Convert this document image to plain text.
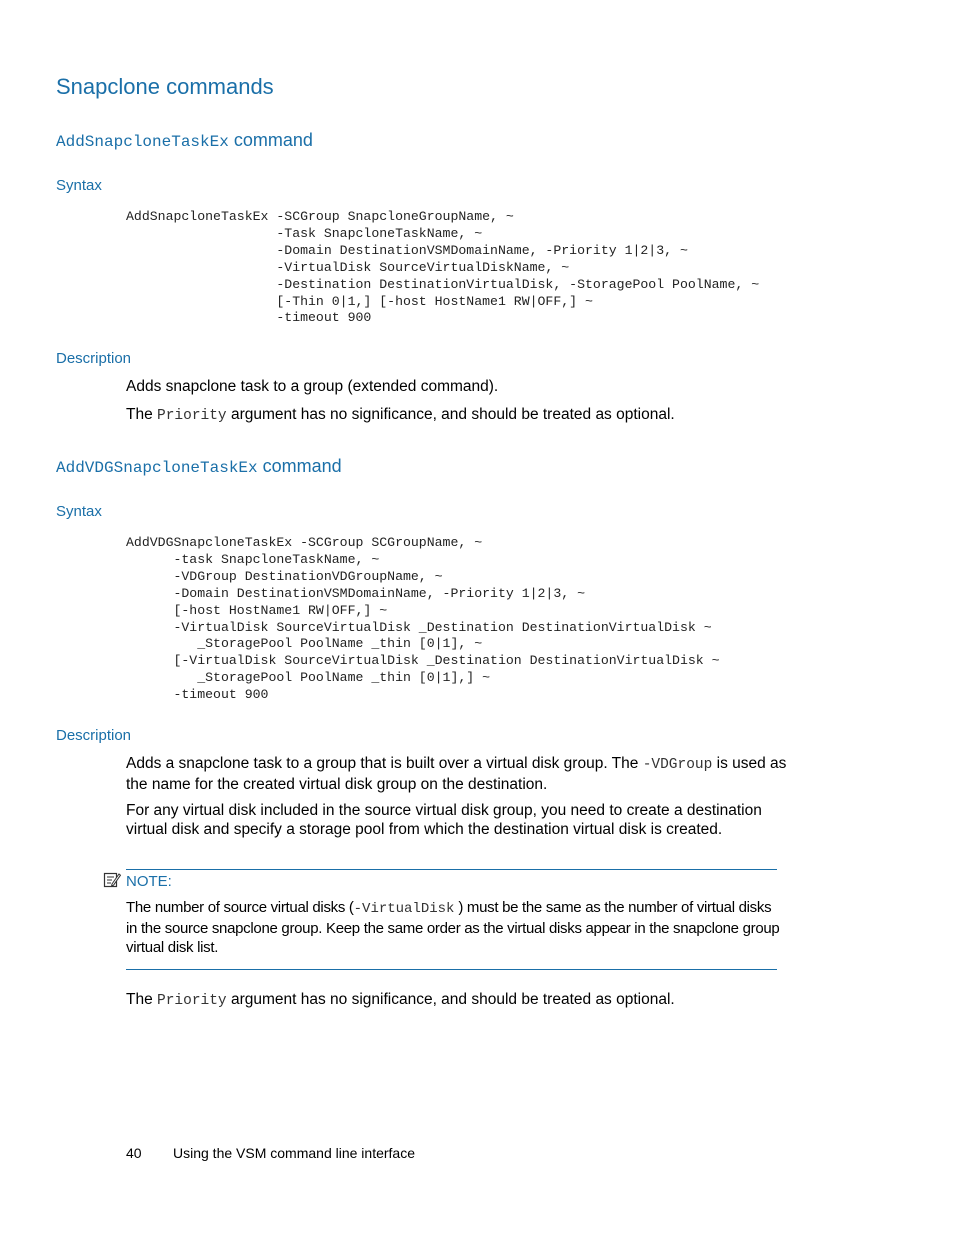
Snapclone commands
AddSnapcloneTaskEx command
Syntax
AddSnapcloneTaskEx -SCGroup SnapcloneGroupName, ~
-Task SnapcloneTaskName, ~
-Domain DestinationVSMDomainName, -Priority 1|2|3, ~
-VirtualDisk SourceVirtualDiskName, ~
-Destination DestinationVirtualDisk, -StoragePool PoolName, ~
[-Thin 0|1,] [-host HostName1 RW|OFF,] ~
-timeout 900
Description
Adds snapclone task to a group (extended command).
The Priority argument has no significance, and should be treated as optional.
AddVDGSnapcloneTaskEx command
Syntax
AddVDGSnapcloneTaskEx -SCGroup SCGroupName, ~
-task SnapcloneTaskName, ~
-VDGroup DestinationVDGroupName, ~
-Domain DestinationVSMDomainName, -Priority 1|2|3, ~
[-host HostName1 RW|OFF,] ~
-VirtualDisk SourceVirtualDisk _Destination DestinationVirtualDisk ~
_StoragePool PoolName _thin [0|1], ~
[-VirtualDisk SourceVirtualDisk _Destination DestinationVirtualDisk ~
_StoragePool PoolName _thin [0|1],] ~
-timeout 900
Description
Adds a snapclone task to a group that is built over a virtual disk group. The -VDGroup is used as the name for the created virtual disk group on the destination.
For any virtual disk included in the source virtual disk group, you need to create a destination virtual disk and specify a storage pool from which the destination virtual disk is created.
NOTE:
The number of source virtual disks (-VirtualDisk ) must be the same as the number of virtual disks in the source snapclone group. Keep the same order as the virtual disks appear in the snapclone group virtual disk list.
The Priority argument has no significance, and should be treated as optional.
40 Using the VSM command line interface
